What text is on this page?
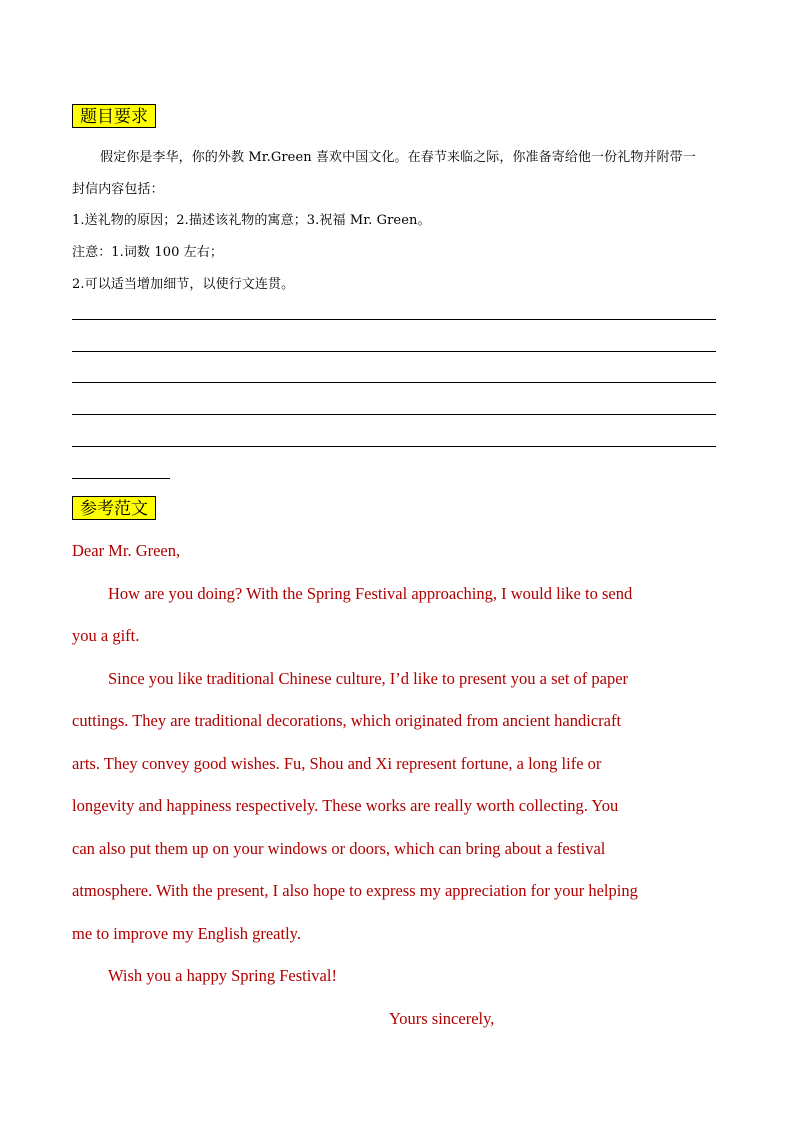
题目要求
假定你是李华，你的外教 Mr.Green 喜欢中国文化。在春节来临之际，你准备寄给他一份礼物并附带一
封信内容包括：
1.送礼物的原因；2.描述该礼物的寓意；3.祝福 Mr. Green。
注意：1.词数 100 左右；
2.可以适当增加细节，以使行文连贯。
参考范文
Dear Mr. Green,
How are you doing? With the Spring Festival approaching, I would like to send
you a gift.
Since you like traditional Chinese culture, I’d like to present you a set of paper
cuttings. They are traditional decorations, which originated from ancient handicraft
arts. They convey good wishes. Fu, Shou and Xi represent fortune, a long life or
longevity and happiness respectively. These works are really worth collecting. You
can also put them up on your windows or doors, which can bring about a festival
atmosphere. With the present, I also hope to express my appreciation for your helping
me to improve my English greatly.
Wish you a happy Spring Festival!
Yours sincerely,
